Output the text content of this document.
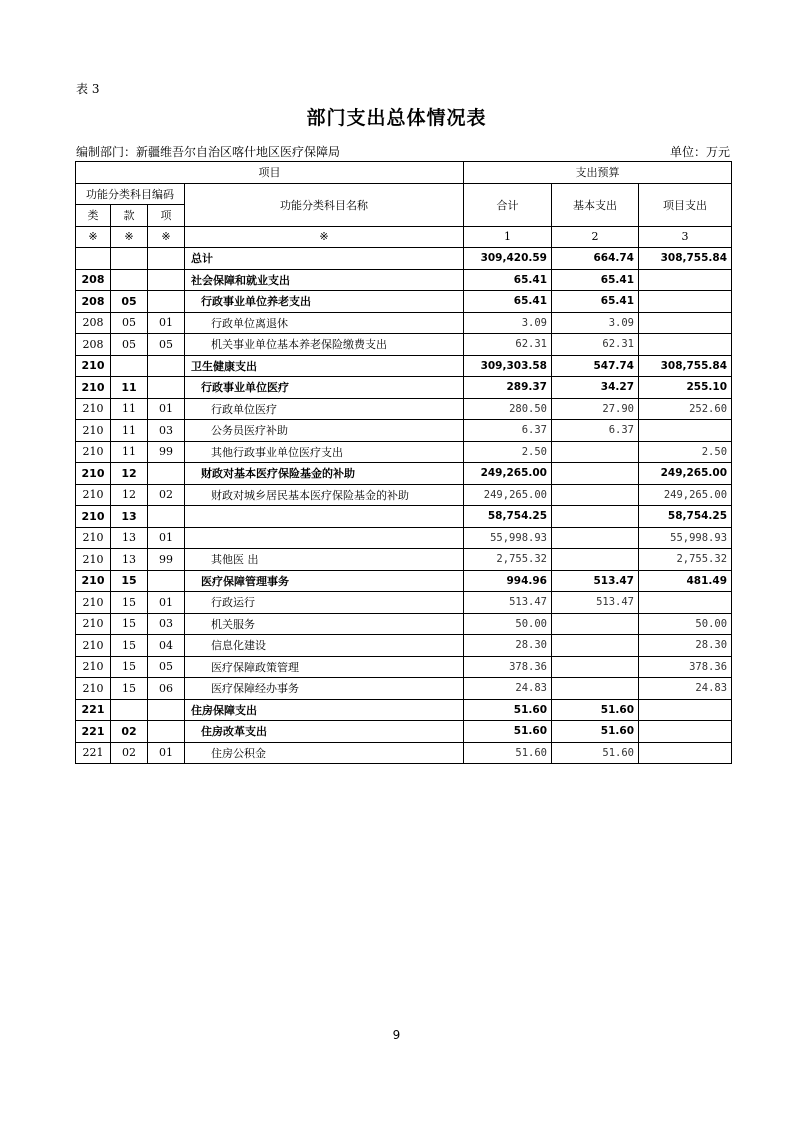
表 3
部门支出总体情况表
编制部门：新疆维吾尔自治区喀什地区医疗保障局	单位：万元
项目				支出预算		
功能分类科目编码			功能分类科目名称	合计	基本支出	项目支出
类	款	项				
※	※	※	※	1	2	3
			总计	309,420.59	664.74	308,755.84
208			社会保障和就业支出	65.41	65.41	
208	05		行政事业单位养老支出	65.41	65.41	
208	05	01	行政单位离退休	3.09	3.09	
208	05	05	机关事业单位基本养老保险缴费支出	62.31	62.31	
210			卫生健康支出	309,303.58	547.74	308,755.84
210	11		行政事业单位医疗	289.37	34.27	255.10
210	11	01	行政单位医疗	280.50	27.90	252.60
210	11	03	公务员医疗补助	6.37	6.37	
210	11	99	其他行政事业单位医疗支出	2.50		2.50
210	12		财政对基本医疗保险基金的补助	249,265.00		249,265.00
210	12	02	财政对城乡居民基本医疗保险基金的补助	249,265.00		249,265.00
210	13			58,754.25		58,754.25
210	13	01		55,998.93		55,998.93
210	13	99	其他医 出	2,755.32		2,755.32
210	15		医疗保障管理事务	994.96	513.47	481.49
210	15	01	行政运行	513.47	513.47	
210	15	03	机关服务	50.00		50.00
210	15	04	信息化建设	28.30		28.30
210	15	05	医疗保障政策管理	378.36		378.36
210	15	06	医疗保障经办事务	24.83		24.83
221			住房保障支出	51.60	51.60	
221	02		住房改革支出	51.60	51.60	
221	02	01	住房公积金	51.60	51.60	
9
